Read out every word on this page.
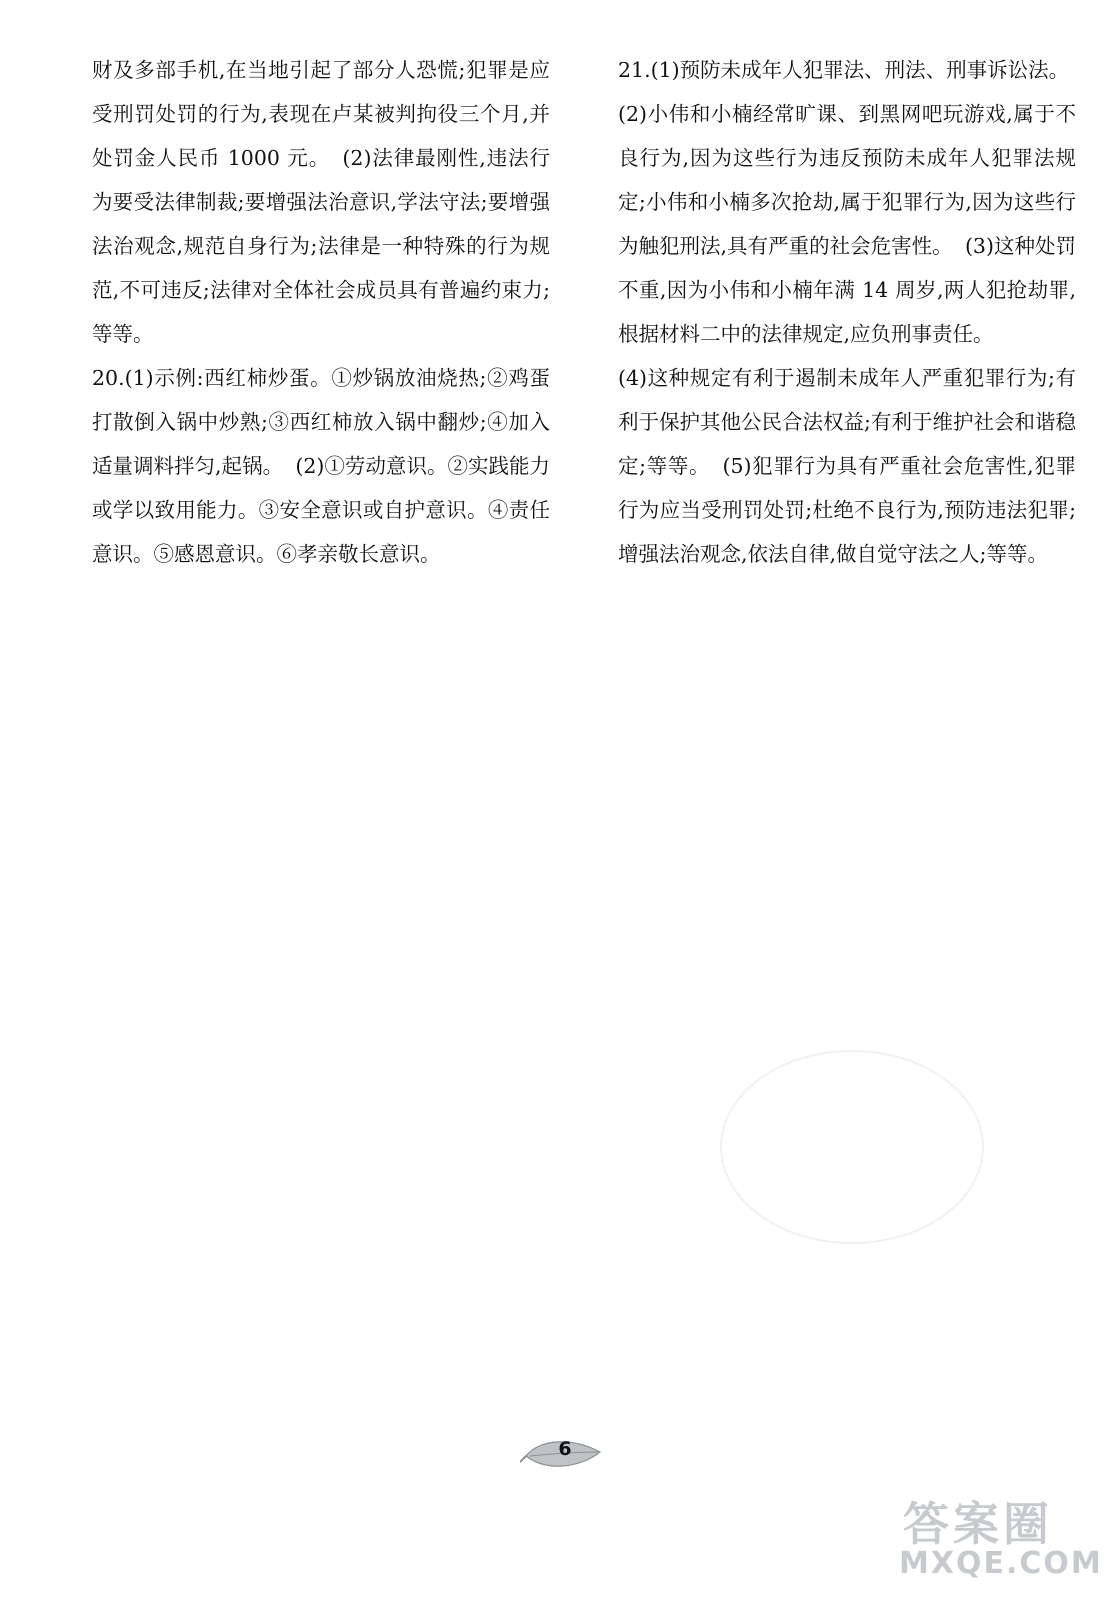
财及多部手机,在当地引起了部分人恐慌;犯罪是应受刑罚处罚的行为,表现在卢某被判拘役三个月,并处罚金人民币 1000 元。 (2)法律最刚性,违法行为要受法律制裁;要增强法治意识,学法守法;要增强法治观念,规范自身行为;法律是一种特殊的行为规范,不可违反;法律对全体社会成员具有普遍约束力;等等。

20.(1)示例:西红柿炒蛋。①炒锅放油烧热;②鸡蛋打散倒入锅中炒熟;③西红柿放入锅中翻炒;④加入适量调料拌匀,起锅。 (2)①劳动意识。②实践能力或学以致用能力。③安全意识或自护意识。④责任意识。⑤感恩意识。⑥孝亲敬长意识。

21.(1)预防未成年人犯罪法、刑法、刑事诉讼法。

(2)小伟和小楠经常旷课、到黑网吧玩游戏,属于不良行为,因为这些行为违反预防未成年人犯罪法规定;小伟和小楠多次抢劫,属于犯罪行为,因为这些行为触犯刑法,具有严重的社会危害性。 (3)这种处罚不重,因为小伟和小楠年满 14 周岁,两人犯抢劫罪,根据材料二中的法律规定,应负刑事责任。

(4)这种规定有利于遏制未成年人严重犯罪行为;有利于保护其他公民合法权益;有利于维护社会和谐稳定;等等。 (5)犯罪行为具有严重社会危害性,犯罪行为应当受刑罚处罚;杜绝不良行为,预防违法犯罪;增强法治观念,依法自律,做自觉守法之人;等等。

6
答案圈
MXQE.COM
